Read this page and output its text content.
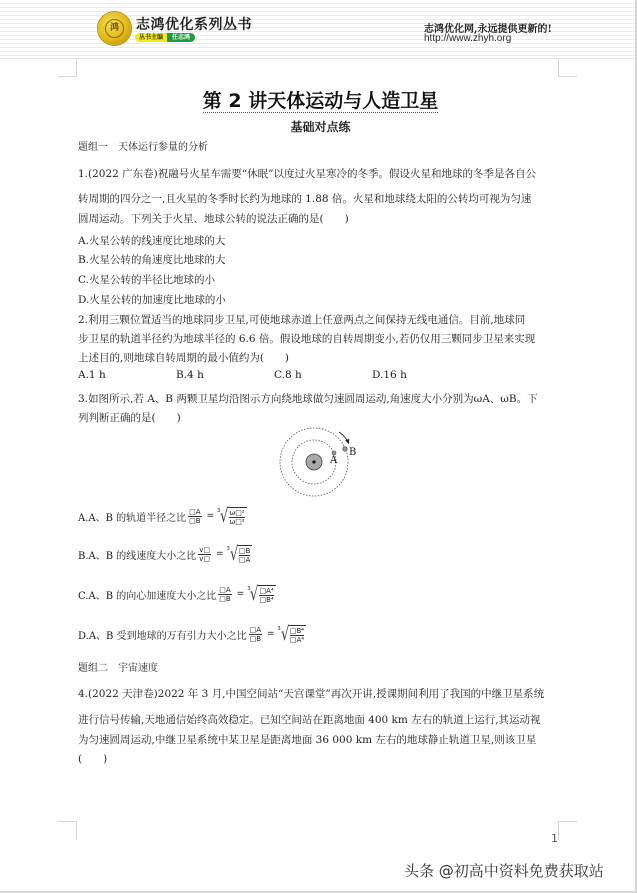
鸿	志鸿优化系列丛书
丛书主编	任志鸿
志鸿优化网,永远提供更新的!
http://www.zhyh.org
第 2 讲天体运动与人造卫星
基础对点练
题组一　天体运行参量的分析
1.(2022 广东卷)祝融号火星车需要“休眠”以度过火星寒冷的冬季。假设火星和地球的冬季是各自公
转周期的四分之一,且火星的冬季时长约为地球的 1.88 倍。火星和地球绕太阳的公转均可视为匀速
圆周运动。下列关于火星、地球公转的说法正确的是(　　)
A.火星公转的线速度比地球的大
B.火星公转的角速度比地球的大
C.火星公转的半径比地球的小
D.火星公转的加速度比地球的小
2.利用三颗位置适当的地球同步卫星,可使地球赤道上任意两点之间保持无线电通信。目前,地球同
步卫星的轨道半径约为地球半径的 6.6 倍。假设地球的自转周期变小,若仍仅用三颗同步卫星来实现
上述目的,则地球自转周期的最小值约为(　　)
A.1 h	B.4 h	C.8 h	D.16 h
3.如图所示,若 A、B 两颗卫星均沿图示方向绕地球做匀速圆周运动,角速度大小分别为ωA、ωB。下
列判断正确的是(　　)
A.A、B 的轨道半径之比 $\frac{□A}{□B} = 3$ √ ω□²
ω□²
B.A、B 的线速度大小之比 $\frac{v□}{v□} = 3$ √ □B
□A
C.A、B 的向心加速度大小之比 $\frac{□A}{□B} = 3$ √ □A⁴
□B⁴
D.A、B 受到地球的万有引力大小之比 $\frac{□A}{□B} = 3$ √ □B⁴
□A⁴
题组二　宇宙速度
4.(2022 天津卷)2022 年 3 月,中国空间站“天宫课堂”再次开讲,授课期间利用了我国的中继卫星系统
进行信号传输,天地通信始终高效稳定。已知空间站在距离地面 400 km 左右的轨道上运行,其运动视
为匀速圆周运动,中继卫星系统中某卫星是距离地面 36 000 km 左右的地球静止轨道卫星,则该卫星
(　　)
A
B
1
头条 @初高中资料免费获取站
